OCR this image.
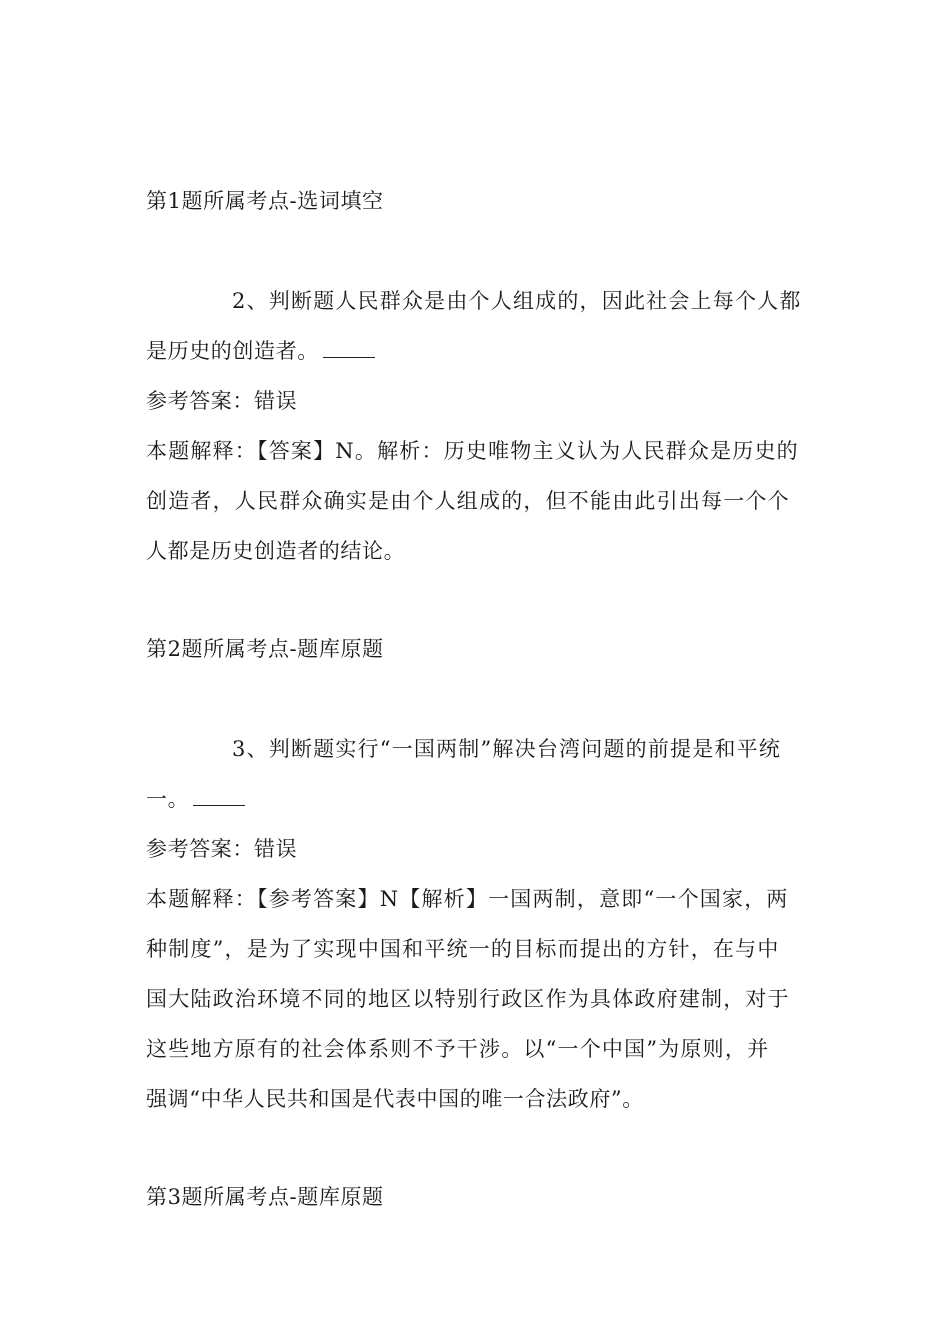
第1题所属考点-选词填空
2、判断题人民群众是由个人组成的，因此社会上每个人都
是历史的创造者。
参考答案：错误
本题解释：【答案】N。解析：历史唯物主义认为人民群众是历史的
创造者，人民群众确实是由个人组成的，但不能由此引出每一个个
人都是历史创造者的结论。
第2题所属考点-题库原题
3、判断题实行“一国两制”解决台湾问题的前提是和平统
一。
参考答案：错误
本题解释：【参考答案】N【解析】一国两制，意即“一个国家，两
种制度”，是为了实现中国和平统一的目标而提出的方针，在与中
国大陆政治环境不同的地区以特别行政区作为具体政府建制，对于
这些地方原有的社会体系则不予干涉。以“一个中国”为原则，并
强调“中华人民共和国是代表中国的唯一合法政府”。
第3题所属考点-题库原题
